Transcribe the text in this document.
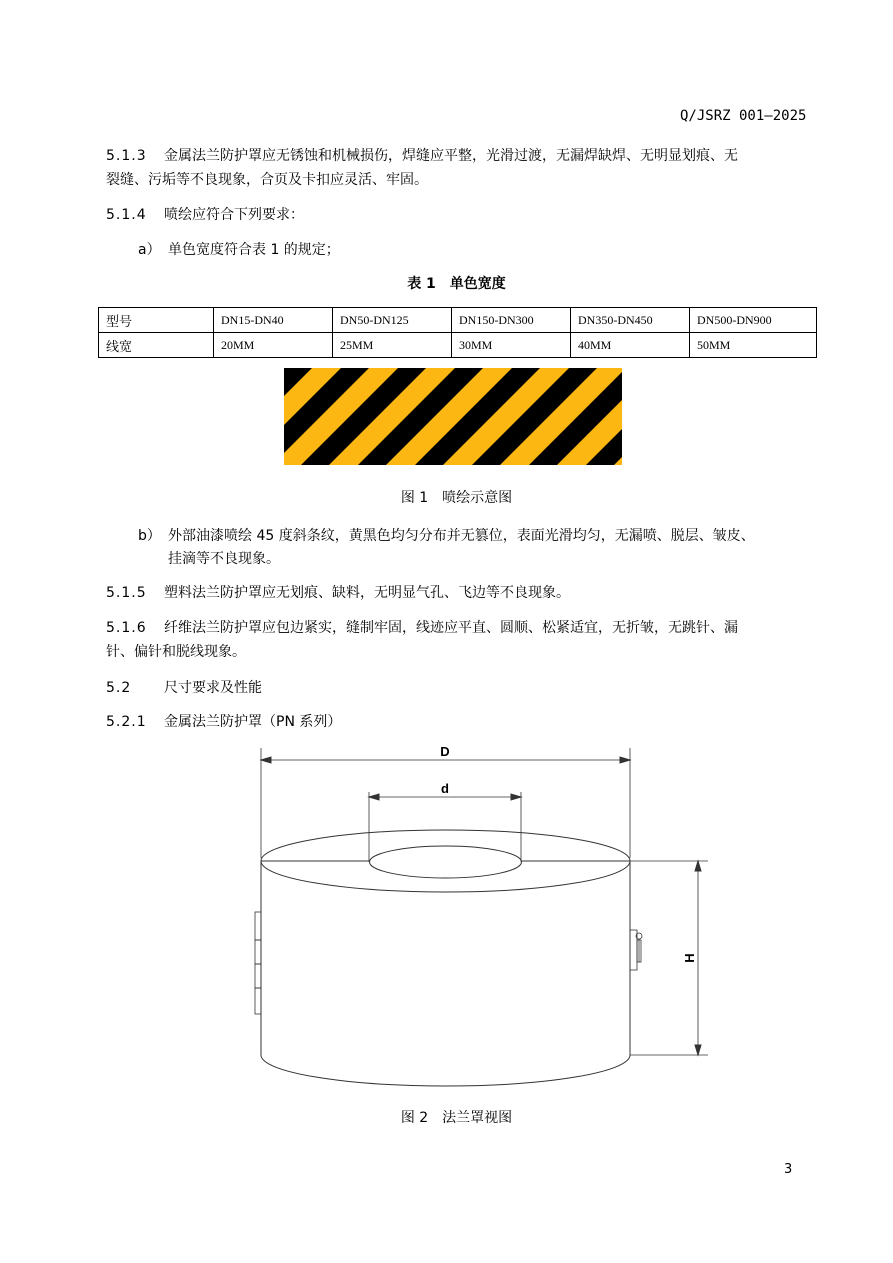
Q/JSRZ 001—2025
5.1.3 金属法兰防护罩应无锈蚀和机械损伤，焊缝应平整，光滑过渡，无漏焊缺焊、无明显划痕、无
裂缝、污垢等不良现象，合页及卡扣应灵活、牢固。
5.1.4 喷绘应符合下列要求：
a） 单色宽度符合表 1 的规定；
表 1　单色宽度
型号	DN15-DN40	DN50-DN125	DN150-DN300	DN350-DN450	DN500-DN900
线宽	20MM	25MM	30MM	40MM	50MM
图 1　喷绘示意图
b） 外部油漆喷绘 45 度斜条纹，黄黑色均匀分布并无篡位，表面光滑均匀，无漏喷、脱层、皱皮、
挂滴等不良现象。
5.1.5 塑料法兰防护罩应无划痕、缺料，无明显气孔、飞边等不良现象。
5.1.6 纤维法兰防护罩应包边紧实，缝制牢固，线迹应平直、圆顺、松紧适宜，无折皱，无跳针、漏
针、偏针和脱线现象。
5.2 尺寸要求及性能
5.2.1 金属法兰防护罩（PN 系列）
D
d
H
图 2　法兰罩视图
3
